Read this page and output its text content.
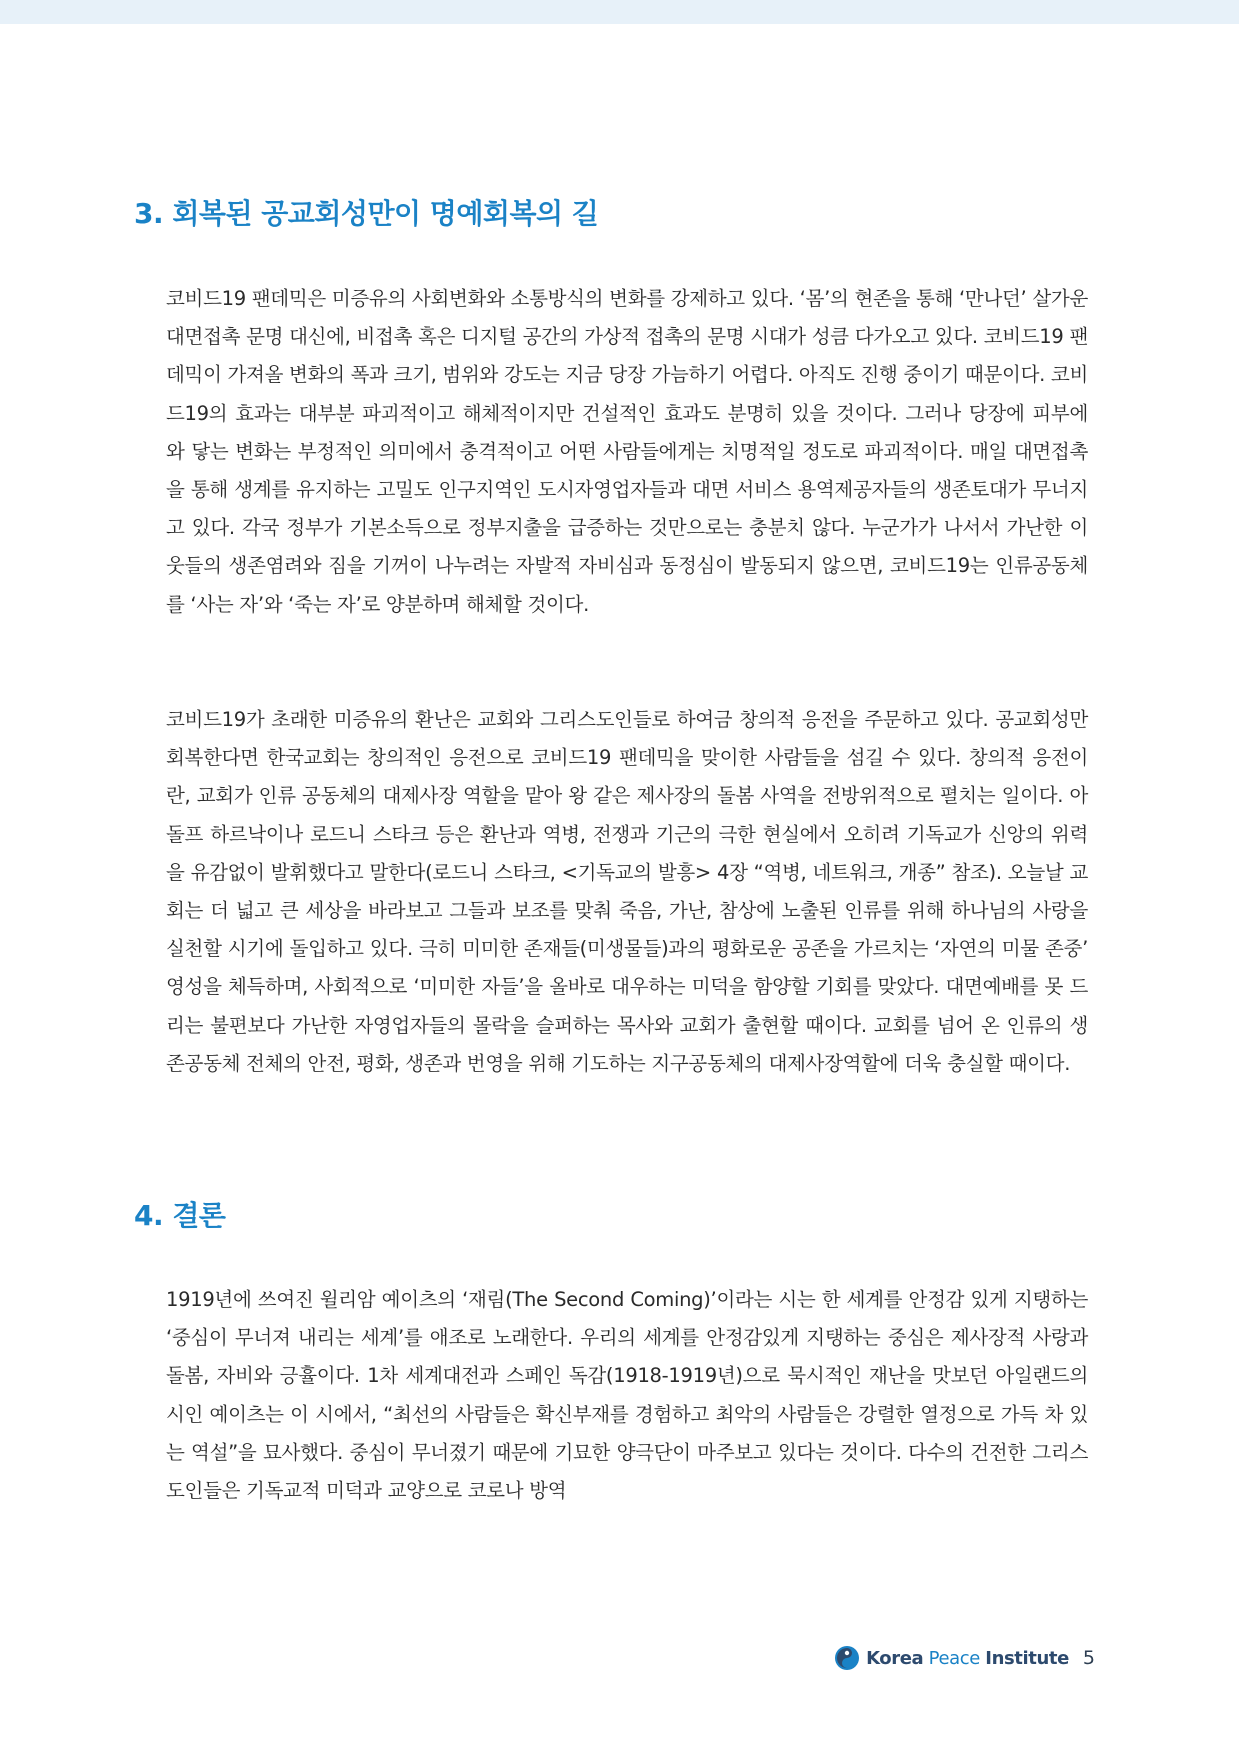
3. 회복된 공교회성만이 명예회복의 길

코비드19 팬데믹은 미증유의 사회변화와 소통방식의 변화를 강제하고 있다. ‘몸’의 현존을 통해 ‘만나던’ 살가운 대면접촉 문명 대신에, 비접촉 혹은 디지털 공간의 가상적 접촉의 문명 시대가 성큼 다가오고 있다. 코비드19 팬데믹이 가져올 변화의 폭과 크기, 범위와 강도는 지금 당장 가늠하기 어렵다. 아직도 진행 중이기 때문이다. 코비드19의 효과는 대부분 파괴적이고 해체적이지만 건설적인 효과도 분명히 있을 것이다. 그러나 당장에 피부에 와 닿는 변화는 부정적인 의미에서 충격적이고 어떤 사람들에게는 치명적일 정도로 파괴적이다. 매일 대면접촉을 통해 생계를 유지하는 고밀도 인구지역인 도시자영업자들과 대면 서비스 용역제공자들의 생존토대가 무너지고 있다. 각국 정부가 기본소득으로 정부지출을 급증하는 것만으로는 충분치 않다. 누군가가 나서서 가난한 이웃들의 생존염려와 짐을 기꺼이 나누려는 자발적 자비심과 동정심이 발동되지 않으면, 코비드19는 인류공동체를 ‘사는 자’와 ‘죽는 자’로 양분하며 해체할 것이다.

코비드19가 초래한 미증유의 환난은 교회와 그리스도인들로 하여금 창의적 응전을 주문하고 있다. 공교회성만 회복한다면 한국교회는 창의적인 응전으로 코비드19 팬데믹을 맞이한 사람들을 섬길 수 있다. 창의적 응전이란, 교회가 인류 공동체의 대제사장 역할을 맡아 왕 같은 제사장의 돌봄 사역을 전방위적으로 펼치는 일이다. 아돌프 하르낙이나 로드니 스타크 등은 환난과 역병, 전쟁과 기근의 극한 현실에서 오히려 기독교가 신앙의 위력을 유감없이 발휘했다고 말한다(로드니 스타크, <기독교의 발흥> 4장 “역병, 네트워크, 개종” 참조). 오늘날 교회는 더 넓고 큰 세상을 바라보고 그들과 보조를 맞춰 죽음, 가난, 참상에 노출된 인류를 위해 하나님의 사랑을 실천할 시기에 돌입하고 있다. 극히 미미한 존재들(미생물들)과의 평화로운 공존을 가르치는 ‘자연의 미물 존중’ 영성을 체득하며, 사회적으로 ‘미미한 자들’을 올바로 대우하는 미덕을 함양할 기회를 맞았다. 대면예배를 못 드리는 불편보다 가난한 자영업자들의 몰락을 슬퍼하는 목사와 교회가 출현할 때이다. 교회를 넘어 온 인류의 생존공동체 전체의 안전, 평화, 생존과 번영을 위해 기도하는 지구공동체의 대제사장역할에 더욱 충실할 때이다.

4. 결론

1919년에 쓰여진 윌리암 예이츠의 ‘재림(The Second Coming)’이라는 시는 한 세계를 안정감 있게 지탱하는 ‘중심이 무너져 내리는 세계’를 애조로 노래한다. 우리의 세계를 안정감있게 지탱하는 중심은 제사장적 사랑과 돌봄, 자비와 긍휼이다. 1차 세계대전과 스페인 독감(1918-1919년)으로 묵시적인 재난을 맛보던 아일랜드의 시인 예이츠는 이 시에서, “최선의 사람들은 확신부재를 경험하고 최악의 사람들은 강렬한 열정으로 가득 차 있는 역설”을 묘사했다. 중심이 무너졌기 때문에 기묘한 양극단이 마주보고 있다는 것이다. 다수의 건전한 그리스도인들은 기독교적 미덕과 교양으로 코로나 방역

Korea Peace Institute 5
